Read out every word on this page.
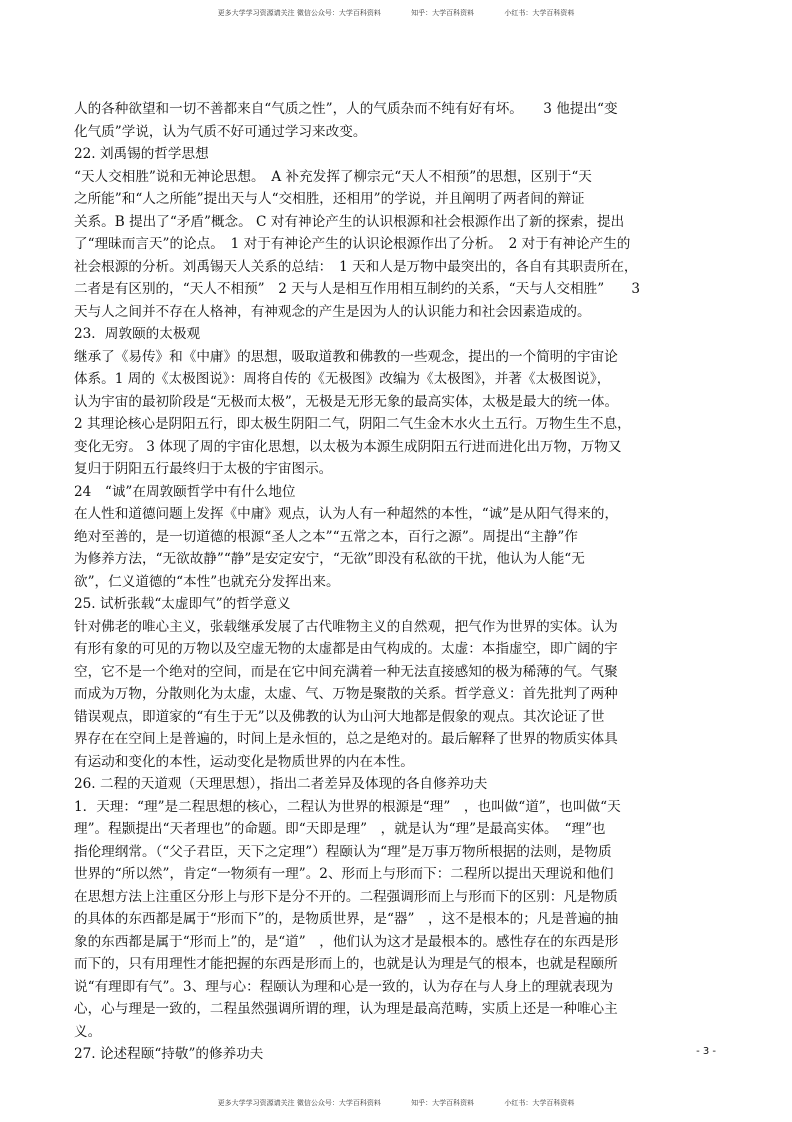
更多大学学习资源请关注 微信公众号：大学百科资料	知乎：大学百科资料	小红书：大学百科资料
人的各种欲望和一切不善都来自“气质之性”，人的气质杂而不纯有好有坏。　　3 他提出“变
化气质”学说，认为气质不好可通过学习来改变。
22. 刘禹锡的哲学思想
“天人交相胜”说和无神论思想。　A 补充发挥了柳宗元“天人不相预”的思想，区别于“天
之所能”和“人之所能”提出天与人“交相胜，还相用”的学说，并且阐明了两者间的辩证
关系。B 提出了“矛盾”概念。 C 对有神论产生的认识根源和社会根源作出了新的探索，提出
了“理昧而言天”的论点。　1 对于有神论产生的认识论根源作出了分析。　2 对于有神论产生的
社会根源的分析。刘禹锡天人关系的总结：　1 天和人是万物中最突出的，各自有其职责所在，
二者是有区别的，“天人不相预”　2 天与人是相互作用相互制约的关系，“天与人交相胜”　　3
天与人之间并不存在人格神，有神观念的产生是因为人的认识能力和社会因素造成的。
23．周敦颐的太极观
继承了《易传》和《中庸》的思想，吸取道教和佛教的一些观念，提出的一个简明的宇宙论
体系。1 周的《太极图说》：周将自传的《无极图》改编为《太极图》，并著《太极图说》，
认为宇宙的最初阶段是“无极而太极”，无极是无形无象的最高实体，太极是最大的统一体。
2 其理论核心是阴阳五行，即太极生阴阳二气，阴阳二气生金木水火土五行。万物生生不息，
变化无穷。 3 体现了周的宇宙化思想，以太极为本源生成阴阳五行进而进化出万物，万物又
复归于阴阳五行最终归于太极的宇宙图示。
24　“诚”在周敦颐哲学中有什么地位
在人性和道德问题上发挥《中庸》观点，认为人有一种超然的本性，“诚”是从阳气得来的，
绝对至善的，是一切道德的根源“圣人之本”“五常之本，百行之源”。周提出“主静”作
为修养方法，“无欲故静”“静”是安定安宁，“无欲”即没有私欲的干扰，他认为人能“无
欲”，仁义道德的“本性”也就充分发挥出来。
25. 试析张载“太虚即气”的哲学意义
针对佛老的唯心主义，张载继承发展了古代唯物主义的自然观，把气作为世界的实体。认为
有形有象的可见的万物以及空虚无物的太虚都是由气构成的。太虚：本指虚空，即广阔的宇
空，它不是一个绝对的空间，而是在它中间充满着一种无法直接感知的极为稀薄的气。气聚
而成为万物，分散则化为太虚，太虚、气、万物是聚散的关系。哲学意义：首先批判了两种
错误观点，即道家的“有生于无”以及佛教的认为山河大地都是假象的观点。其次论证了世
界存在在空间上是普遍的，时间上是永恒的，总之是绝对的。最后解释了世界的物质实体具
有运动和变化的本性，运动变化是物质世界的内在本性。
26. 二程的天道观（天理思想），指出二者差异及体现的各自修养功夫
1．天理：“理”是二程思想的核心，二程认为世界的根源是“理”　，也叫做“道”，也叫做“天
理”。程颢提出“天者理也”的命题。即“天即是理”　，就是认为“理”是最高实体。　“理”也
指伦理纲常。（“父子君臣，天下之定理”）程颐认为“理”是万事万物所根据的法则，是物质
世界的“所以然”，肯定“一物须有一理”。2、形而上与形而下：二程所以提出天理说和他们
在思想方法上注重区分形上与形下是分不开的。二程强调形而上与形而下的区别：凡是物质
的具体的东西都是属于“形而下”的，是物质世界，是“器”　，这不是根本的；凡是普遍的抽
象的东西都是属于“形而上”的，是“道”　，他们认为这才是最根本的。感性存在的东西是形
而下的，只有用理性才能把握的东西是形而上的，也就是认为理是气的根本，也就是程颐所
说“有理即有气”。3、理与心：程颐认为理和心是一致的，认为存在与人身上的理就表现为
心，心与理是一致的，二程虽然强调所谓的理，认为理是最高范畴，实质上还是一种唯心主
义。
27. 论述程颐“持敬”的修养功夫	- 3 -
更多大学学习资源请关注 微信公众号：大学百科资料	知乎：大学百科资料	小红书：大学百科资料
